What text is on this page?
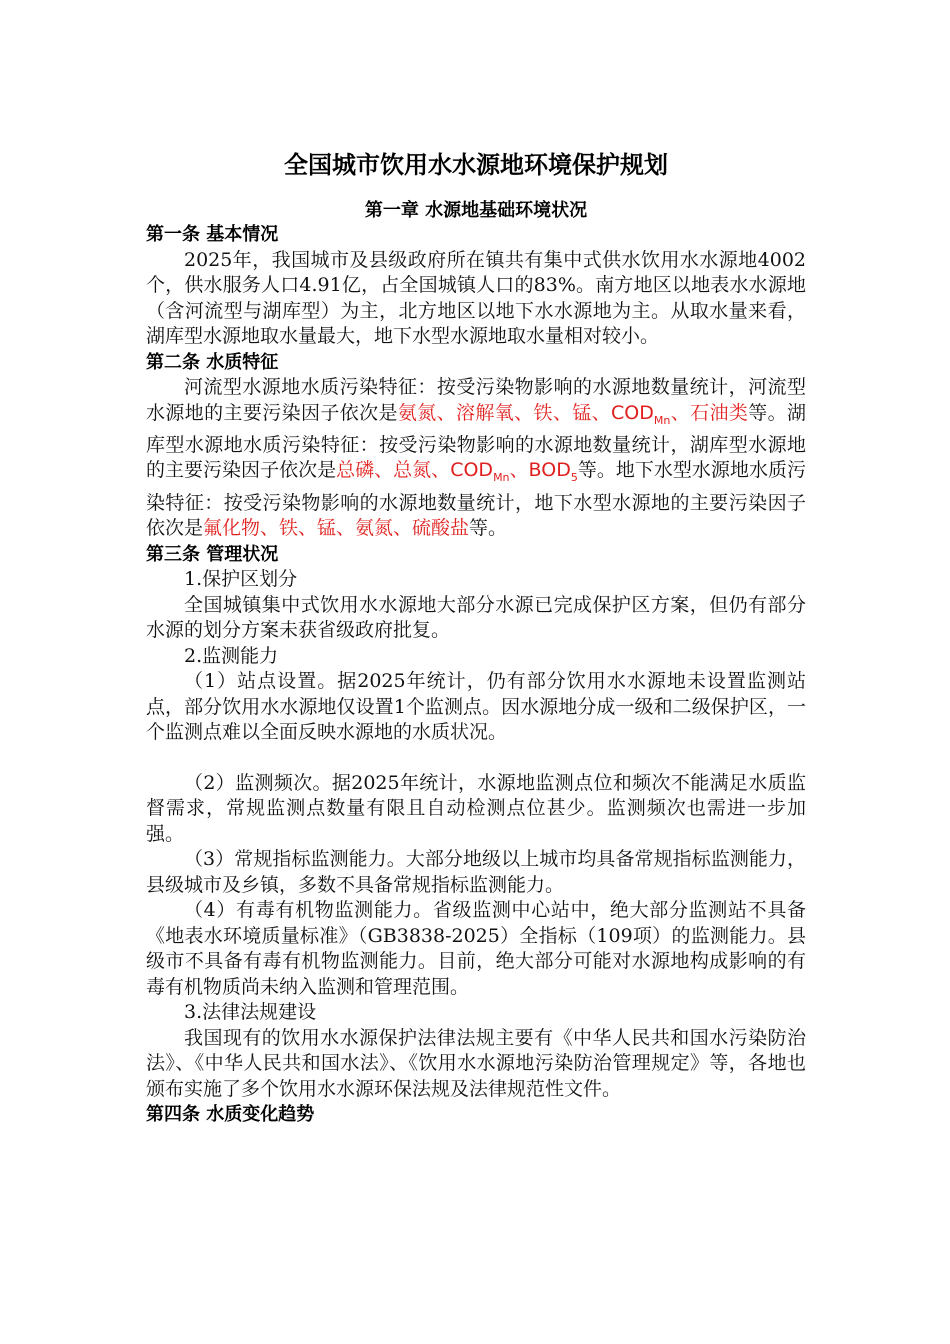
全国城市饮用水水源地环境保护规划
第一章 水源地基础环境状况
第一条 基本情况

2025年，我国城市及县级政府所在镇共有集中式供水饮用水水源地4002个，供水服务人口4.91亿，占全国城镇人口的83%。南方地区以地表水水源地（含河流型与湖库型）为主，北方地区以地下水水源地为主。从取水量来看，湖库型水源地取水量最大，地下水型水源地取水量相对较小。

第二条 水质特征

河流型水源地水质污染特征：按受污染物影响的水源地数量统计，河流型水源地的主要污染因子依次是氨氮、溶解氧、铁、锰、$COD_{Mn}$、石油类等。湖库型水源地水质污染特征：按受污染物影响的水源地数量统计，湖库型水源地的主要污染因子依次是总磷、总氮、$COD_{Mn}$、$BOD_5$等。地下水型水源地水质污染特征：按受污染物影响的水源地数量统计，地下水型水源地的主要污染因子依次是氟化物、铁、锰、氨氮、硫酸盐等。

第三条 管理状况
1.保护区划分

全国城镇集中式饮用水水源地大部分水源已完成保护区方案，但仍有部分水源的划分方案未获省级政府批复。

2.监测能力

（1）站点设置。据2025年统计，仍有部分饮用水水源地未设置监测站点，部分饮用水水源地仅设置1个监测点。因水源地分成一级和二级保护区，一个监测点难以全面反映水源地的水质状况。

（2）监测频次。据2025年统计，水源地监测点位和频次不能满足水质监督需求，常规监测点数量有限且自动检测点位甚少。监测频次也需进一步加强。

（3）常规指标监测能力。大部分地级以上城市均具备常规指标监测能力，县级城市及乡镇，多数不具备常规指标监测能力。

（4）有毒有机物监测能力。省级监测中心站中，绝大部分监测站不具备《地表水环境质量标准》（GB3838-2025）全指标（109项）的监测能力。县级市不具备有毒有机物监测能力。目前，绝大部分可能对水源地构成影响的有毒有机物质尚未纳入监测和管理范围。

3.法律法规建设

我国现有的饮用水水源保护法律法规主要有《中华人民共和国水污染防治法》、《中华人民共和国水法》、《饮用水水源地污染防治管理规定》等，各地也颁布实施了多个饮用水水源环保法规及法律规范性文件。

第四条 水质变化趋势
